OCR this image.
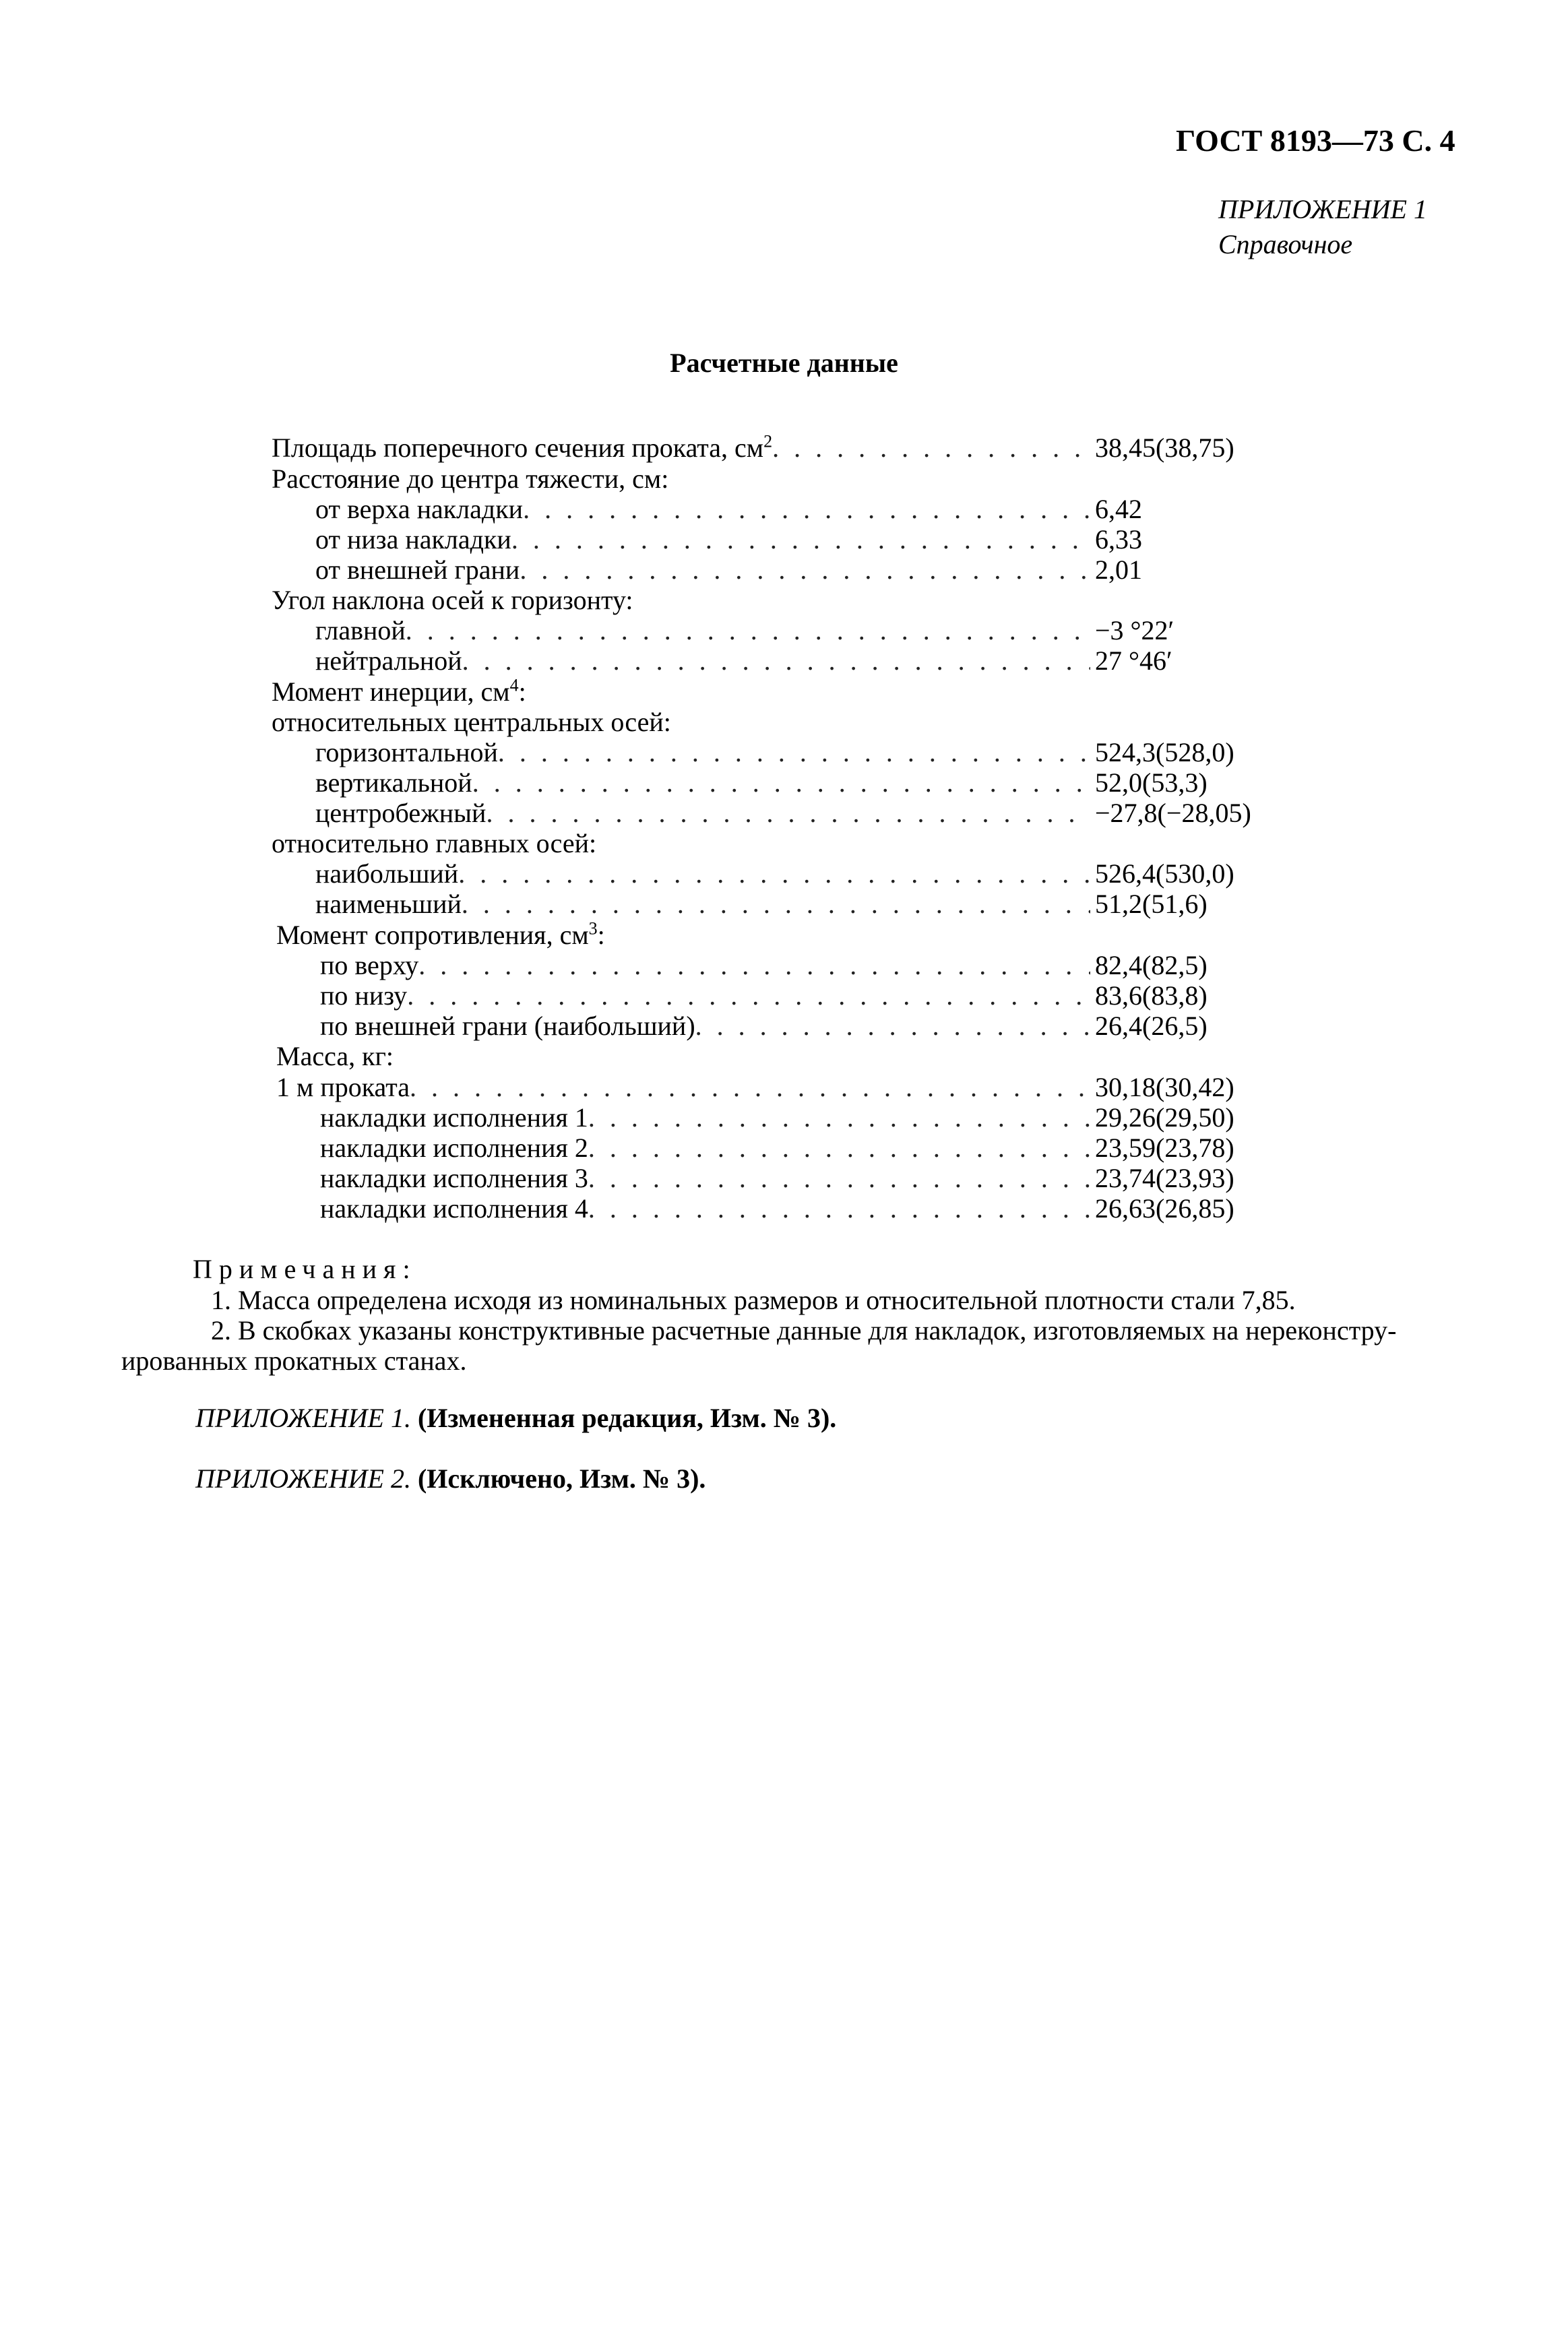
ГОСТ 8193—73 С. 4
ПРИЛОЖЕНИЕ 1
Справочное
Расчетные данные
Площадь поперечного сечения проката, $см^2$ . . .	38,45(38,75)
Расстояние до центра тяжести, см:
от верха накладки . . .	6,42
от низа накладки . . .	6,33
от внешней грани . . .	2,01
Угол наклона осей к горизонту:
главной . . .	−3 °22′
нейтральной . . .	27 °46′
Момент инерции, $см^4$:
относительных центральных осей:
горизонтальной . . .	524,3(528,0)
вертикальной . . .	52,0(53,3)
центробежный . . .	−27,8(−28,05)
относительно главных осей:
наибольший . . .	526,4(530,0)
наименьший . . .	51,2(51,6)
Момент сопротивления, $см^3$:
по верху . . .	82,4(82,5)
по низу . . .	83,6(83,8)
по внешней грани (наибольший) . . .	26,4(26,5)
Масса, кг:
1 м проката . . .	30,18(30,42)
накладки исполнения 1 . . .	29,26(29,50)
накладки исполнения 2 . . .	23,59(23,78)
накладки исполнения 3 . . .	23,74(23,93)
накладки исполнения 4 . . .	26,63(26,85)
Примечания:
1. Масса определена исходя из номинальных размеров и относительной плотности стали 7,85.
2. В скобках указаны конструктивные расчетные данные для накладок, изготовляемых на нереконстру-
ированных прокатных станах.
ПРИЛОЖЕНИЕ 1. (Измененная редакция, Изм. № 3).
ПРИЛОЖЕНИЕ 2. (Исключено, Изм. № 3).
